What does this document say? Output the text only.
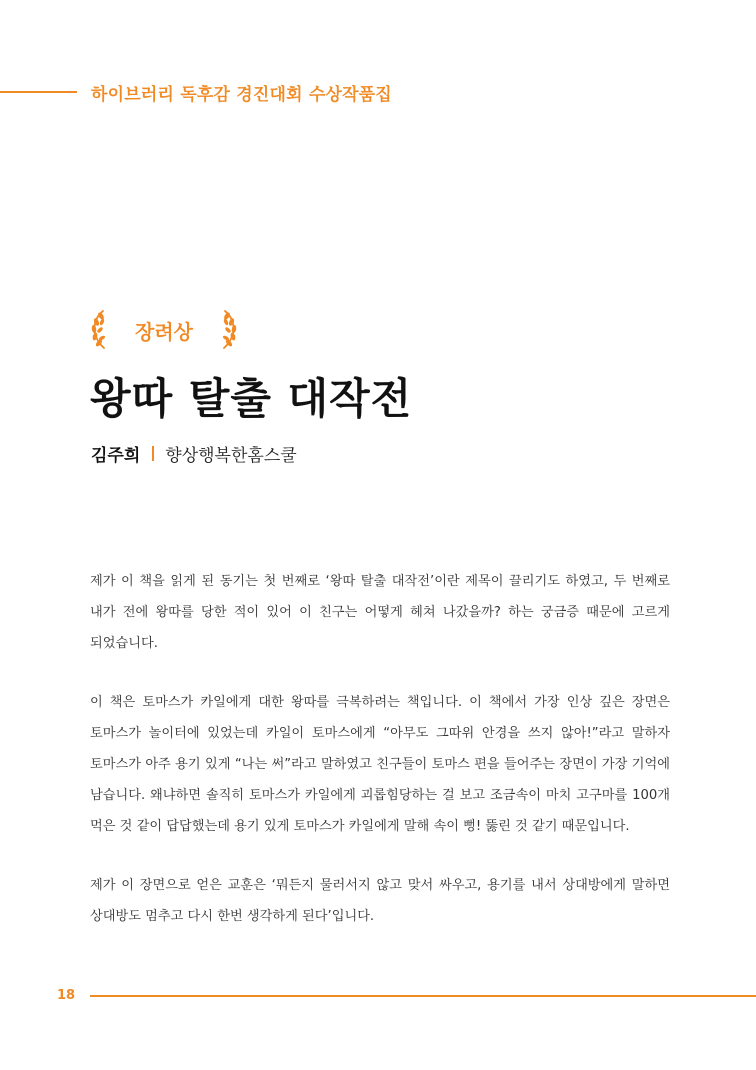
하이브러리 독후감 경진대회 수상작품집
장려상
왕따 탈출 대작전
김주희 향상행복한홈스쿨

제가 이 책을 읽게 된 동기는 첫 번째로 ‘왕따 탈출 대작전’이란 제목이 끌리기도 하였고, 두 번째로 내가 전에 왕따를 당한 적이 있어 이 친구는 어떻게 헤쳐 나갔을까? 하는 궁금증 때문에 고르게 되었습니다.

이 책은 토마스가 카일에게 대한 왕따를 극복하려는 책입니다. 이 책에서 가장 인상 깊은 장면은 토마스가 놀이터에 있었는데 카일이 토마스에게 “아무도 그따위 안경을 쓰지 않아!”라고 말하자 토마스가 아주 용기 있게 “나는 써”라고 말하였고 친구들이 토마스 편을 들어주는 장면이 가장 기억에 남습니다. 왜냐하면 솔직히 토마스가 카일에게 괴롭힘당하는 걸 보고 조금속이 마치 고구마를 100개 먹은 것 같이 답답했는데 용기 있게 토마스가 카일에게 말해 속이 뻥! 뚫린 것 같기 때문입니다.

제가 이 장면으로 얻은 교훈은 ‘뭐든지 물러서지 않고 맞서 싸우고, 용기를 내서 상대방에게 말하면 상대방도 멈추고 다시 한번 생각하게 된다’입니다.

18
